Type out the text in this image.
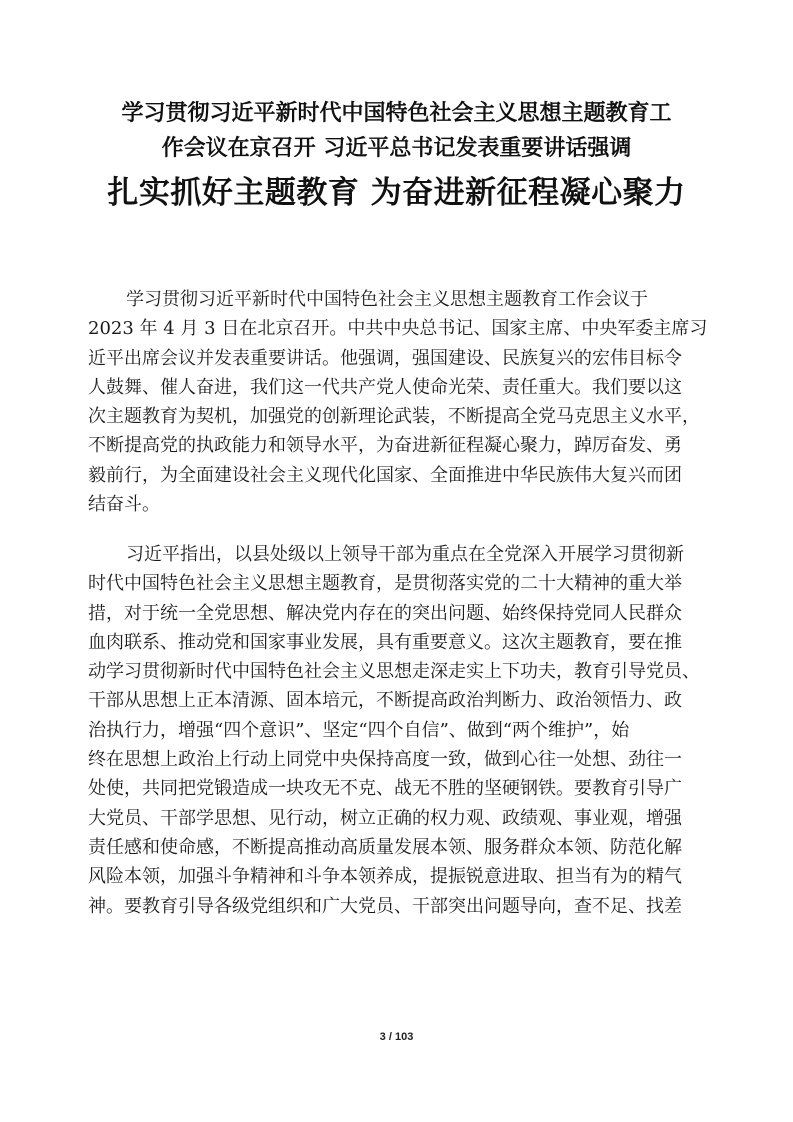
学习贯彻习近平新时代中国特色社会主义思想主题教育工
作会议在京召开 习近平总书记发表重要讲话强调
扎实抓好主题教育 为奋进新征程凝心聚力
学习贯彻习近平新时代中国特色社会主义思想主题教育工作会议于
2023 年 4 月 3 日在北京召开。中共中央总书记、国家主席、中央军委主席习
近平出席会议并发表重要讲话。他强调，强国建设、民族复兴的宏伟目标令
人鼓舞、催人奋进，我们这一代共产党人使命光荣、责任重大。我们要以这
次主题教育为契机，加强党的创新理论武装，不断提高全党马克思主义水平，
不断提高党的执政能力和领导水平，为奋进新征程凝心聚力，踔厉奋发、勇
毅前行，为全面建设社会主义现代化国家、全面推进中华民族伟大复兴而团
结奋斗。
习近平指出，以县处级以上领导干部为重点在全党深入开展学习贯彻新
时代中国特色社会主义思想主题教育，是贯彻落实党的二十大精神的重大举
措，对于统一全党思想、解决党内存在的突出问题、始终保持党同人民群众
血肉联系、推动党和国家事业发展，具有重要意义。这次主题教育，要在推
动学习贯彻新时代中国特色社会主义思想走深走实上下功夫，教育引导党员、
干部从思想上正本清源、固本培元，不断提高政治判断力、政治领悟力、政
治执行力，增强“四个意识”、坚定“四个自信”、做到“两个维护”，始
终在思想上政治上行动上同党中央保持高度一致，做到心往一处想、劲往一
处使，共同把党锻造成一块攻无不克、战无不胜的坚硬钢铁。要教育引导广
大党员、干部学思想、见行动，树立正确的权力观、政绩观、事业观，增强
责任感和使命感，不断提高推动高质量发展本领、服务群众本领、防范化解
风险本领，加强斗争精神和斗争本领养成，提振锐意进取、担当有为的精气
神。要教育引导各级党组织和广大党员、干部突出问题导向，查不足、找差
3 / 103
